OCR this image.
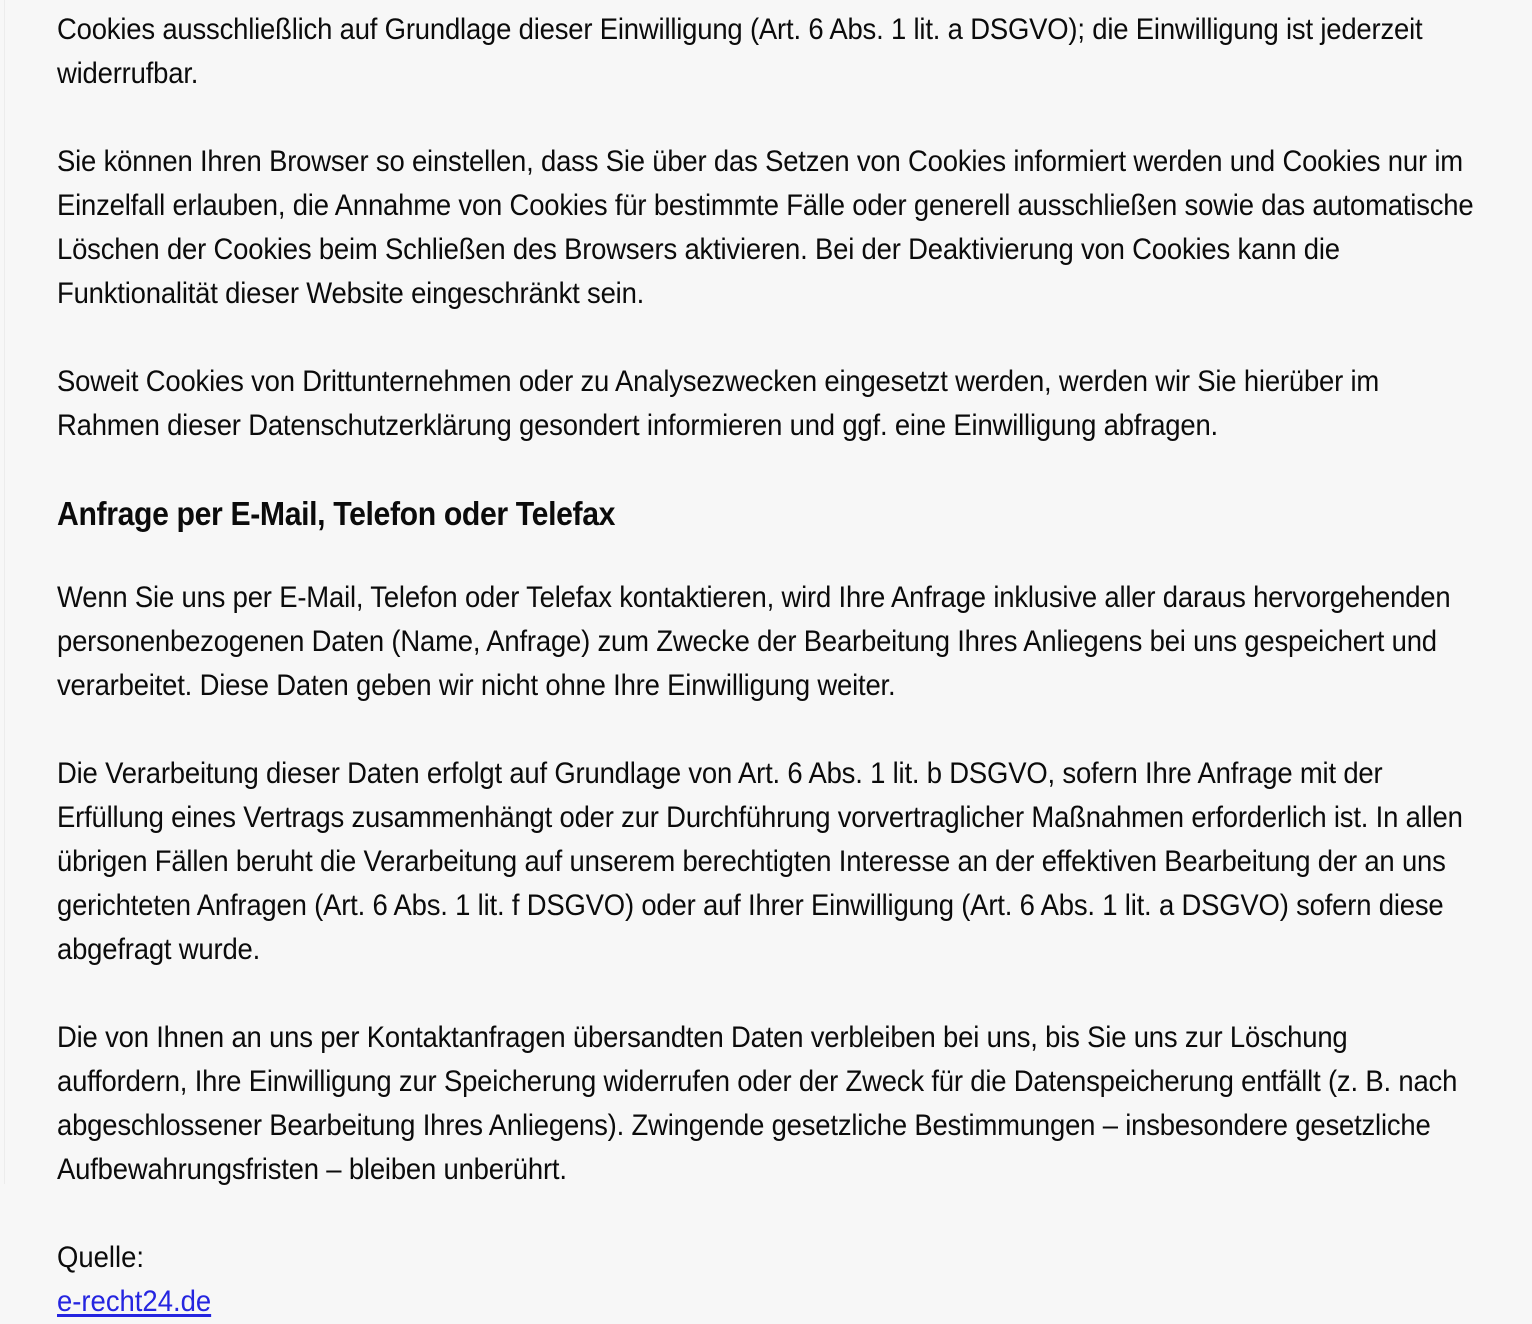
Cookies ausschließlich auf Grundlage dieser Einwilligung (Art. 6 Abs. 1 lit. a DSGVO); die Einwilligung ist jederzeit widerrufbar.

Sie können Ihren Browser so einstellen, dass Sie über das Setzen von Cookies informiert werden und Cookies nur im Einzelfall erlauben, die Annahme von Cookies für bestimmte Fälle oder generell ausschließen sowie das automatische Löschen der Cookies beim Schließen des Browsers aktivieren. Bei der Deaktivierung von Cookies kann die Funktionalität dieser Website eingeschränkt sein.

Soweit Cookies von Drittunternehmen oder zu Analysezwecken eingesetzt werden, werden wir Sie hierüber im Rahmen dieser Datenschutzerklärung gesondert informieren und ggf. eine Einwilligung abfragen.

Anfrage per E-Mail, Telefon oder Telefax

Wenn Sie uns per E-Mail, Telefon oder Telefax kontaktieren, wird Ihre Anfrage inklusive aller daraus hervorgehenden personenbezogenen Daten (Name, Anfrage) zum Zwecke der Bearbeitung Ihres Anliegens bei uns gespeichert und verarbeitet. Diese Daten geben wir nicht ohne Ihre Einwilligung weiter.

Die Verarbeitung dieser Daten erfolgt auf Grundlage von Art. 6 Abs. 1 lit. b DSGVO, sofern Ihre Anfrage mit der Erfüllung eines Vertrags zusammenhängt oder zur Durchführung vorvertraglicher Maßnahmen erforderlich ist. In allen übrigen Fällen beruht die Verarbeitung auf unserem berechtigten Interesse an der effektiven Bearbeitung der an uns gerichteten Anfragen (Art. 6 Abs. 1 lit. f DSGVO) oder auf Ihrer Einwilligung (Art. 6 Abs. 1 lit. a DSGVO) sofern diese abgefragt wurde.

Die von Ihnen an uns per Kontaktanfragen übersandten Daten verbleiben bei uns, bis Sie uns zur Löschung auffordern, Ihre Einwilligung zur Speicherung widerrufen oder der Zweck für die Datenspeicherung entfällt (z. B. nach abgeschlossener Bearbeitung Ihres Anliegens). Zwingende gesetzliche Bestimmungen – insbesondere gesetzliche Aufbewahrungsfristen – bleiben unberührt.

Quelle:

e-recht24.de
